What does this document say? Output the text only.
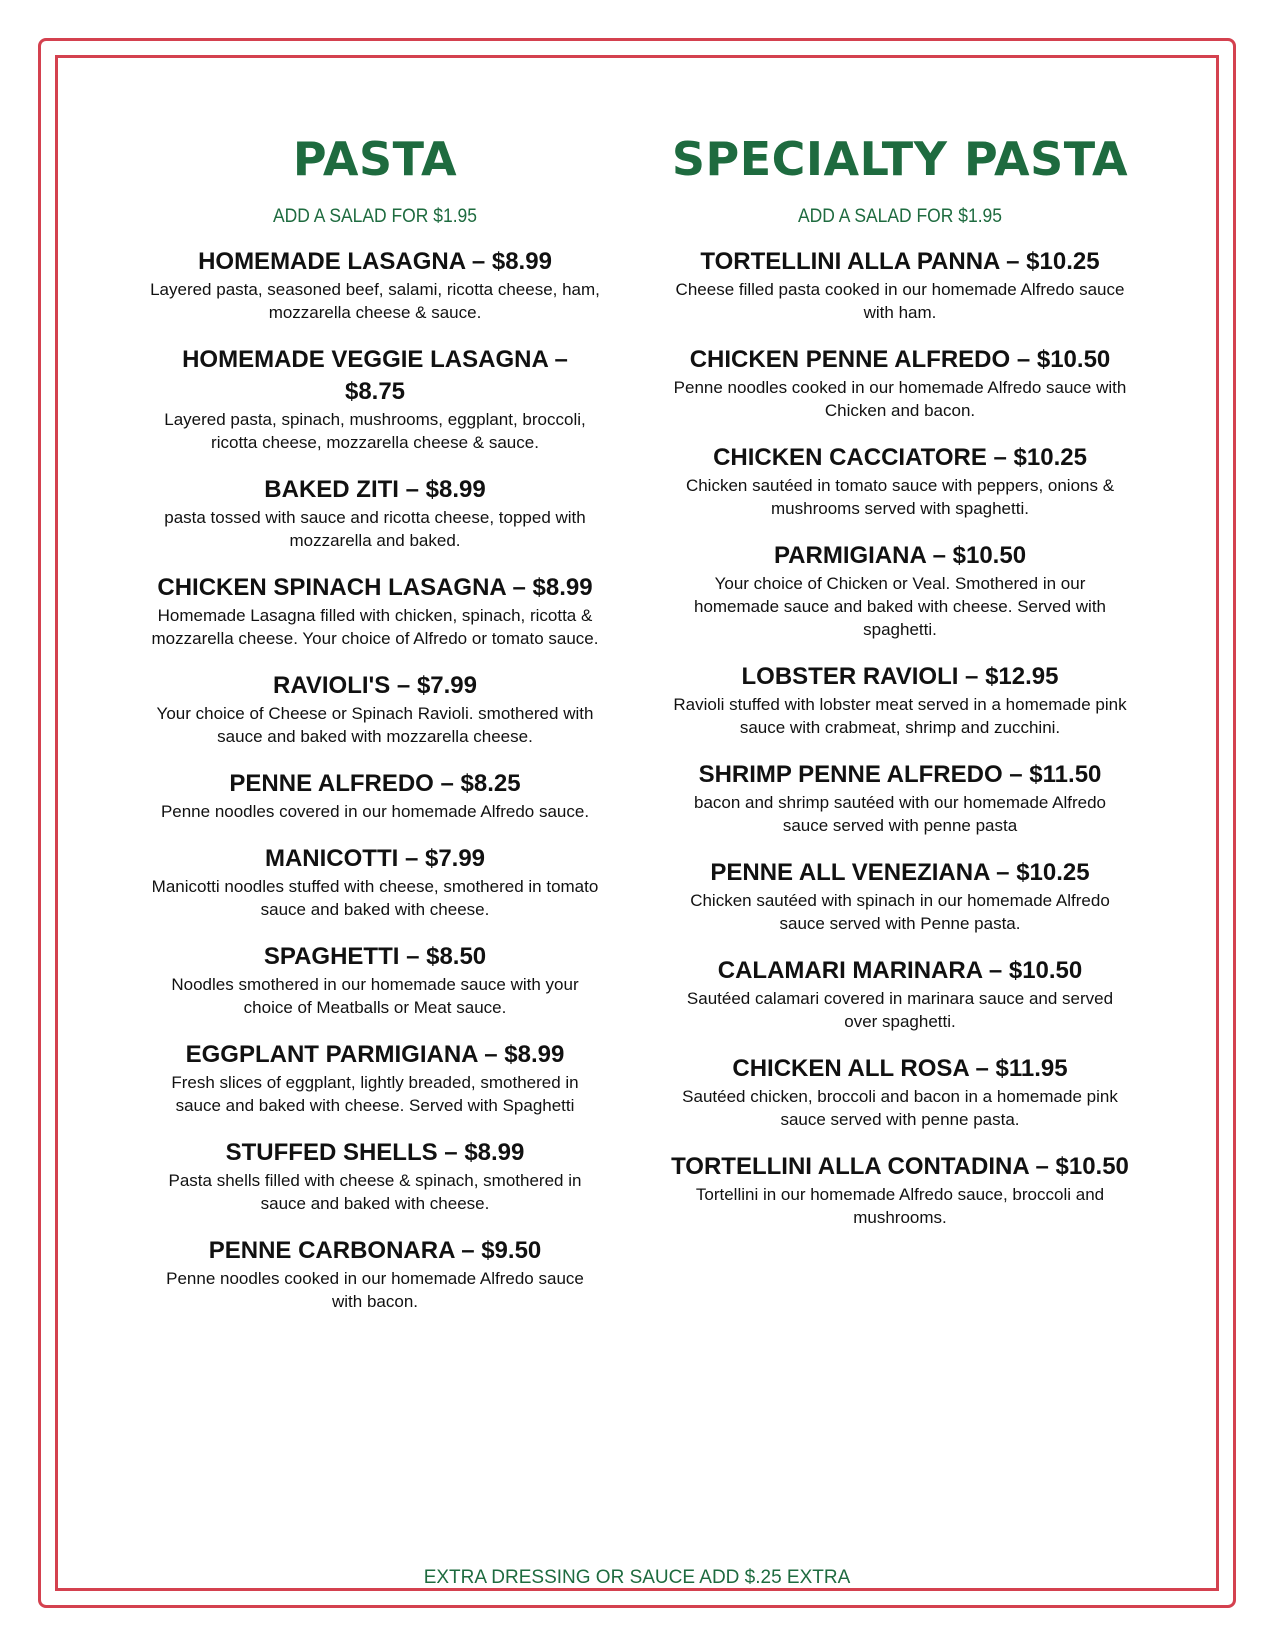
PASTA

ADD A SALAD FOR $1.95

HOMEMADE LASAGNA – $8.99

Layered pasta, seasoned beef, salami, ricotta cheese, ham, mozzarella cheese & sauce.

HOMEMADE VEGGIE LASAGNA – $8.75

Layered pasta, spinach, mushrooms, eggplant, broccoli, ricotta cheese, mozzarella cheese & sauce.

BAKED ZITI – $8.99

pasta tossed with sauce and ricotta cheese, topped with mozzarella and baked.

CHICKEN SPINACH LASAGNA – $8.99

Homemade Lasagna filled with chicken, spinach, ricotta & mozzarella cheese. Your choice of Alfredo or tomato sauce.

RAVIOLI'S – $7.99

Your choice of Cheese or Spinach Ravioli. smothered with sauce and baked with mozzarella cheese.

PENNE ALFREDO – $8.25

Penne noodles covered in our homemade Alfredo sauce.

MANICOTTI – $7.99

Manicotti noodles stuffed with cheese, smothered in tomato sauce and baked with cheese.

SPAGHETTI – $8.50

Noodles smothered in our homemade sauce with your choice of Meatballs or Meat sauce.

EGGPLANT PARMIGIANA – $8.99

Fresh slices of eggplant, lightly breaded, smothered in sauce and baked with cheese. Served with Spaghetti

STUFFED SHELLS – $8.99

Pasta shells filled with cheese & spinach, smothered in sauce and baked with cheese.

PENNE CARBONARA – $9.50

Penne noodles cooked in our homemade Alfredo sauce with bacon.

SPECIALTY PASTA

ADD A SALAD FOR $1.95

TORTELLINI ALLA PANNA – $10.25

Cheese filled pasta cooked in our homemade Alfredo sauce with ham.

CHICKEN PENNE ALFREDO – $10.50

Penne noodles cooked in our homemade Alfredo sauce with Chicken and bacon.

CHICKEN CACCIATORE – $10.25

Chicken sautéed in tomato sauce with peppers, onions & mushrooms served with spaghetti.

PARMIGIANA – $10.50

Your choice of Chicken or Veal. Smothered in our homemade sauce and baked with cheese. Served with spaghetti.

LOBSTER RAVIOLI – $12.95

Ravioli stuffed with lobster meat served in a homemade pink sauce with crabmeat, shrimp and zucchini.

SHRIMP PENNE ALFREDO – $11.50

bacon and shrimp sautéed with our homemade Alfredo sauce served with penne pasta

PENNE ALL VENEZIANA – $10.25

Chicken sautéed with spinach in our homemade Alfredo sauce served with Penne pasta.

CALAMARI MARINARA – $10.50

Sautéed calamari covered in marinara sauce and served over spaghetti.

CHICKEN ALL ROSA – $11.95

Sautéed chicken, broccoli and bacon in a homemade pink sauce served with penne pasta.

TORTELLINI ALLA CONTADINA – $10.50

Tortellini in our homemade Alfredo sauce, broccoli and mushrooms.

EXTRA DRESSING OR SAUCE ADD $.25 EXTRA
